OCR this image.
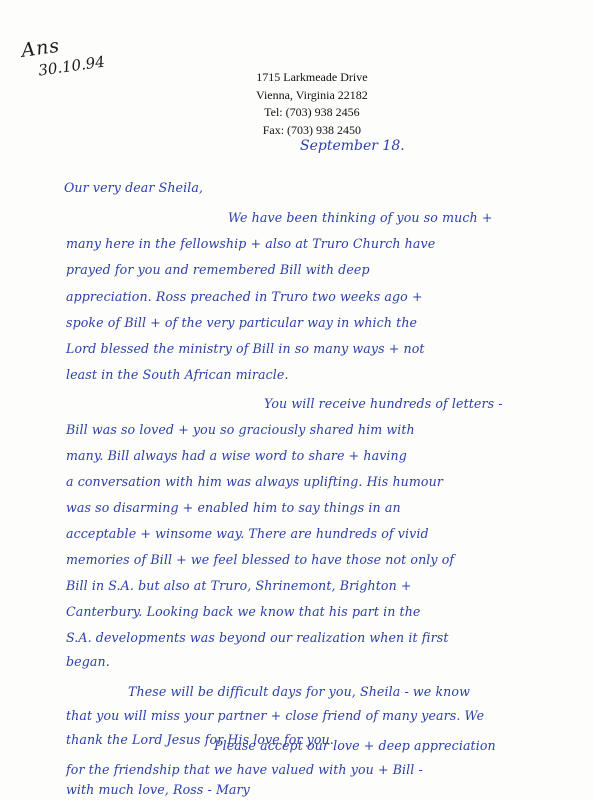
Ans
30.10.94	1715 Larkmeade Drive
Vienna, Virginia 22182
Tel: (703) 938 2456
Fax: (703) 938 2450
September 18.
Our very dear Sheila,
We have been thinking of you so much +
many here in the fellowship + also at Truro Church have
prayed for you and remembered Bill with deep
appreciation. Ross preached in Truro two weeks ago +
spoke of Bill + of the very particular way in which the
Lord blessed the ministry of Bill in so many ways + not
least in the South African miracle.
You will receive hundreds of letters -
Bill was so loved + you so graciously shared him with
many. Bill always had a wise word to share + having
a conversation with him was always uplifting. His humour
was so disarming + enabled him to say things in an
acceptable + winsome way. There are hundreds of vivid
memories of Bill + we feel blessed to have those not only of
Bill in S.A. but also at Truro, Shrinemont, Brighton +
Canterbury. Looking back we know that his part in the
S.A. developments was beyond our realization when it first
began.
These will be difficult days for you, Sheila - we know
that you will miss your partner + close friend of many years. We
thank the Lord Jesus for His love for you.
Please accept our love + deep appreciation
for the friendship that we have valued with you + Bill -
with much love, Ross - Mary
